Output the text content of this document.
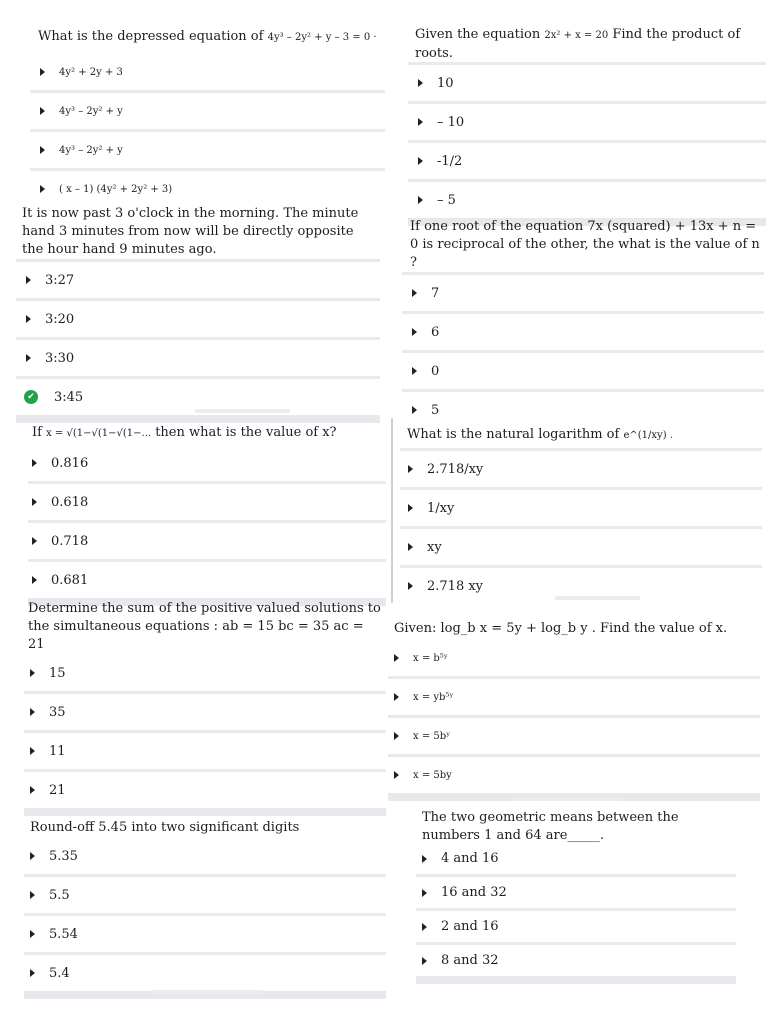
What is the depressed equation of 4y³ – 2y² + y – 3 = 0 ·

4y² + 2y + 3
4y³ – 2y² + y
4y³ – 2y² + y
( x – 1) (4y² + 2y² + 3)

Given the equation 2x² + x = 20 Find the product of roots.

10
– 10
-1/2
– 5

It is now past 3 o'clock in the morning. The minute hand 3 minutes from now will be directly opposite the hour hand 9 minutes ago.

3:27
3:20
3:30
✔ 3:45

If one root of the equation 7x (squared) + 13x + n = 0 is reciprocal of the other, the what is the value of n ?

7
6
0
5

If x = √(1−√(1−√(1−... then what is the value of x?

0.816
0.618
0.718
0.681

What is the natural logarithm of e^(1/xy) .

2.718/xy
1/xy
xy
2.718 xy

Determine the sum of the positive valued solutions to the simultaneous equations : ab = 15 bc = 35 ac = 21

15
35
11
21

Given: log_b x = 5y + log_b y . Find the value of x.

x = b⁵ʸ
x = yb⁵ʸ
x = 5bʸ
x = 5by

Round-off 5.45 into two significant digits

5.35
5.5
5.54
5.4

The two geometric means between the numbers 1 and 64 are_____.

4 and 16
16 and 32
2 and 16
8 and 32
